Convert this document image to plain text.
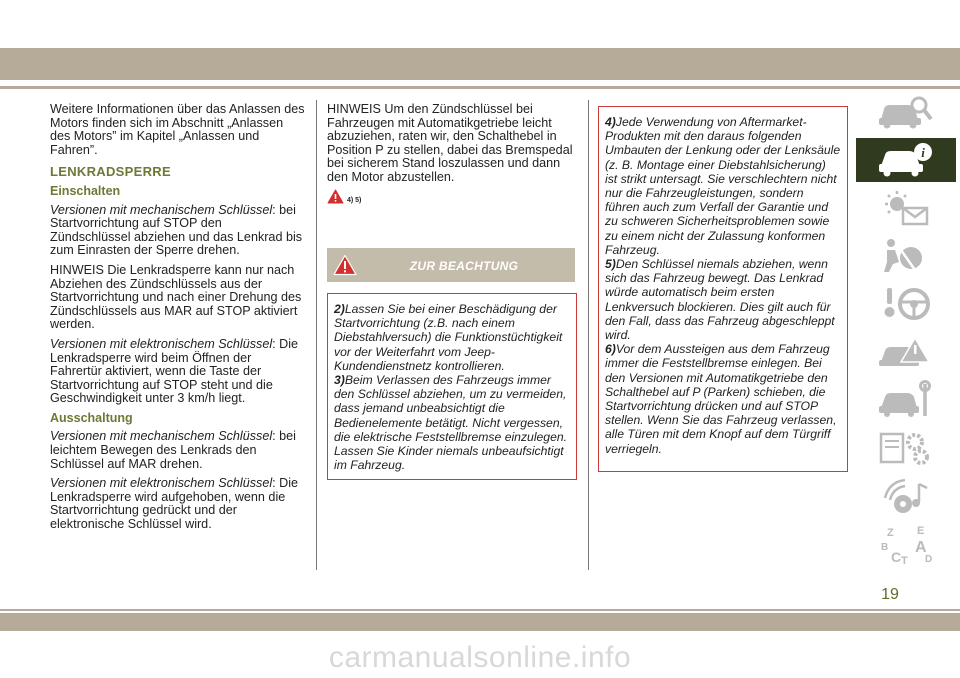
Weitere Informationen über das Anlassen des Motors finden sich im Abschnitt „Anlassen des Motors” im Kapitel „Anlassen und Fahren”.

LENKRADSPERRE
Einschalten

Versionen mit mechanischem Schlüssel: bei Startvorrichtung auf STOP den Zündschlüssel abziehen und das Lenkrad bis zum Einrasten der Sperre drehen.

HINWEIS Die Lenkradsperre kann nur nach Abziehen des Zündschlüssels aus der Startvorrichtung und nach einer Drehung des Zündschlüssels aus MAR auf STOP aktiviert werden.

Versionen mit elektronischem Schlüssel: Die Lenkradsperre wird beim Öffnen der Fahrertür aktiviert, wenn die Taste der Startvorrichtung auf STOP steht und die Geschwindigkeit unter 3 km/h liegt.

Ausschaltung

Versionen mit mechanischem Schlüssel: bei leichtem Bewegen des Lenkrads den Schlüssel auf MAR drehen.

Versionen mit elektronischem Schlüssel: Die Lenkradsperre wird aufgehoben, wenn die Startvorrichtung gedrückt und der elektronische Schlüssel wird.

HINWEIS Um den Zündschlüssel bei Fahrzeugen mit Automatikgetriebe leicht abzuziehen, raten wir, den Schalthebel in Position P zu stellen, dabei das Bremspedal bei sicherem Stand loszulassen und dann den Motor abzustellen.

4) 5)
ZUR BEACHTUNG

2)Lassen Sie bei einer Beschädigung der Startvorrichtung (z.B. nach einem Diebstahlversuch) die Funktionstüchtigkeit vor der Weiterfahrt vom Jeep-Kundendienstnetz kontrollieren.

3)Beim Verlassen des Fahrzeugs immer den Schlüssel abziehen, um zu vermeiden, dass jemand unbeabsichtigt die Bedienelemente betätigt. Nicht vergessen, die elektrische Feststellbremse einzulegen. Lassen Sie Kinder niemals unbeaufsichtigt im Fahrzeug.

4)Jede Verwendung von Aftermarket-Produkten mit den daraus folgenden Umbauten der Lenkung oder der Lenksäule (z. B. Montage einer Diebstahlsicherung) ist strikt untersagt. Sie verschlechtern nicht nur die Fahrzeugleistungen, sondern führen auch zum Verfall der Garantie und zu schweren Sicherheitsproblemen sowie zu einem nicht der Zulassung konformen Fahrzeug.

5)Den Schlüssel niemals abziehen, wenn sich das Fahrzeug bewegt. Das Lenkrad würde automatisch beim ersten Lenkversuch blockieren. Dies gilt auch für den Fall, dass das Fahrzeug abgeschleppt wird.

6)Vor dem Aussteigen aus dem Fahrzeug immer die Feststellbremse einlegen. Bei den Versionen mit Automatikgetriebe den Schalthebel auf P (Parken) schieben, die Startvorrichtung drücken und auf STOP stellen. Wenn Sie das Fahrzeug verlassen, alle Türen mit dem Knopf auf dem Türgriff verriegeln.

i
Z E
B A
C T D
19
carmanualsonline.info
